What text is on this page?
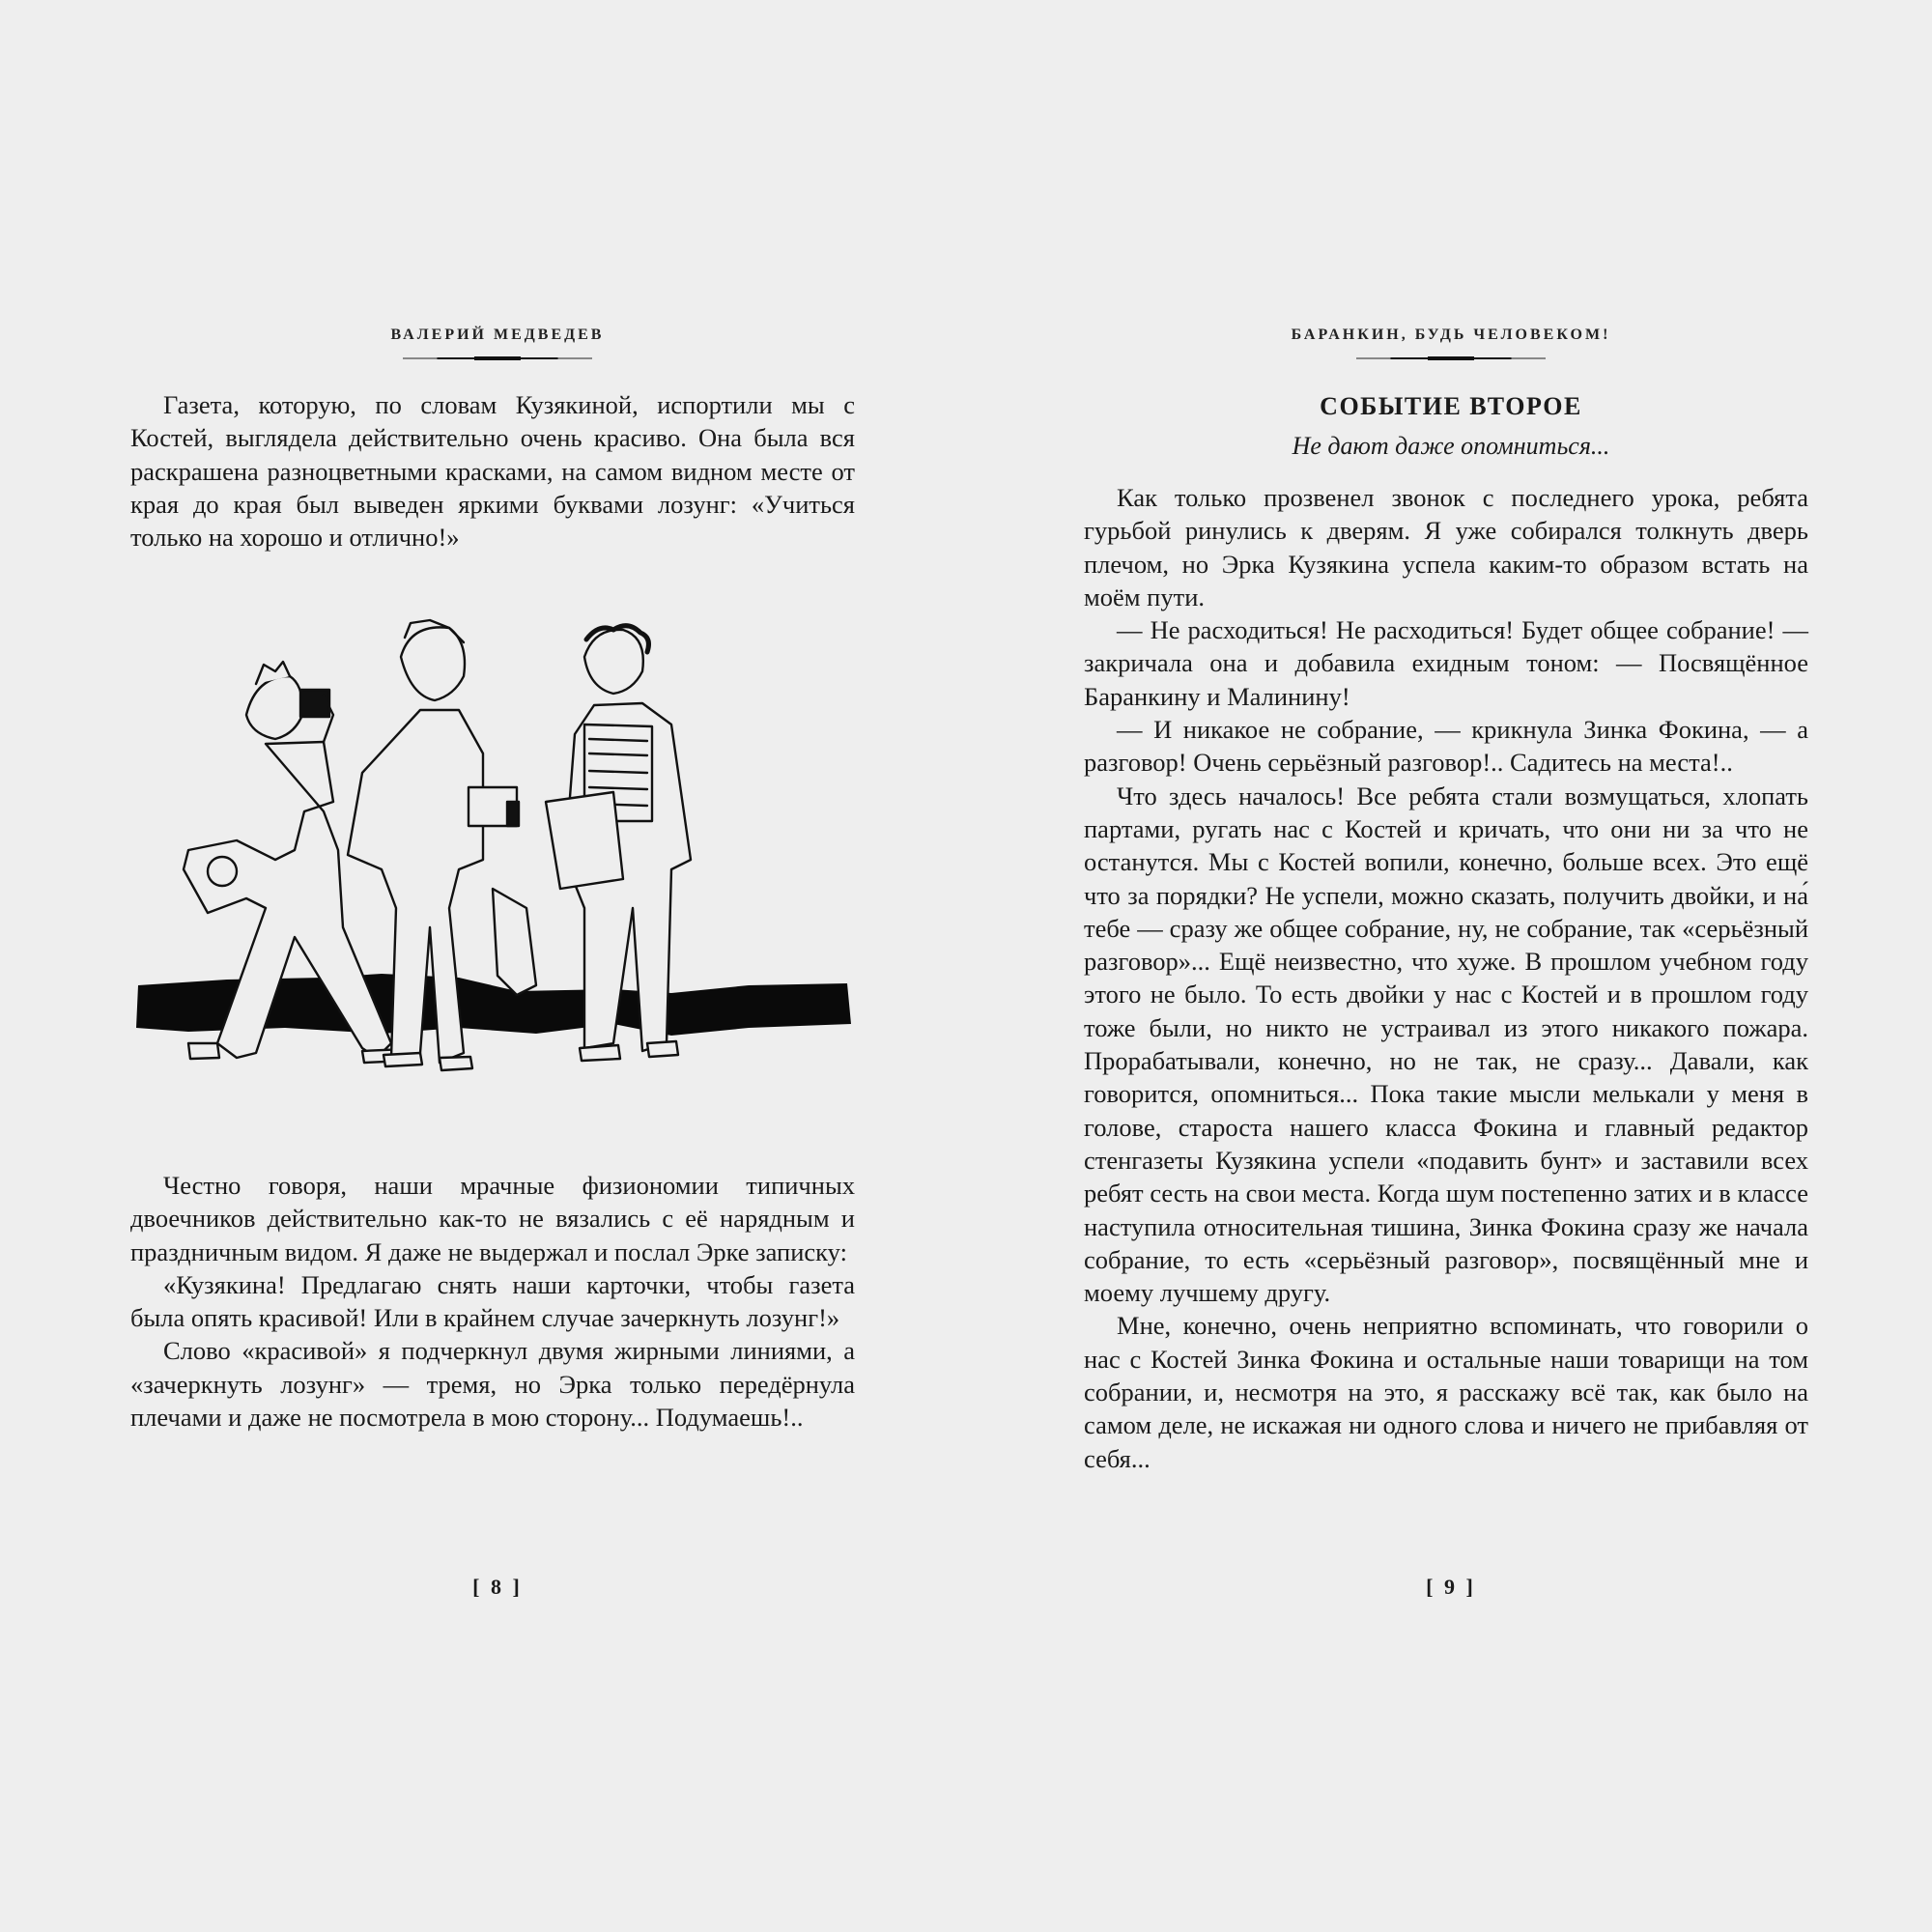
ВАЛЕРИЙ МЕДВЕДЕВ

Газета, которую, по словам Кузякиной, испортили мы с Костей, выглядела действительно очень красиво. Она была вся раскрашена разноцветными красками, на самом видном месте от края до края был выведен яркими буквами лозунг: «Учиться только на хорошо и отлично!»

Честно говоря, наши мрачные физиономии типичных двоечников действительно как-то не вязались с её нарядным и праздничным видом. Я даже не выдержал и послал Эрке записку:

«Кузякина! Предлагаю снять наши карточки, чтобы газета была опять красивой! Или в крайнем случае зачеркнуть лозунг!»

Слово «красивой» я подчеркнул двумя жирными линиями, а «зачеркнуть лозунг» — тремя, но Эрка только передёрнула плечами и даже не посмотрела в мою сторону... Подумаешь!..

[ 8 ]
БАРАНКИН, БУДЬ ЧЕЛОВЕКОМ!
СОБЫТИЕ ВТОРОЕ
Не дают даже опомниться...

Как только прозвенел звонок с последнего урока, ребята гурьбой ринулись к дверям. Я уже собирался толкнуть дверь плечом, но Эрка Кузякина успела каким-то образом встать на моём пути.

— Не расходиться! Не расходиться! Будет общее собрание! — закричала она и добавила ехидным тоном: — Посвящённое Баранкину и Малинину!

— И никакое не собрание, — крикнула Зинка Фокина, — а разговор! Очень серьёзный разговор!.. Садитесь на места!..

Что здесь началось! Все ребята стали возмущаться, хлопать партами, ругать нас с Костей и кричать, что они ни за что не останутся. Мы с Костей вопили, конечно, больше всех. Это ещё что за порядки? Не успели, можно сказать, получить двойки, и на́ тебе — сразу же общее собрание, ну, не собрание, так «серьёзный разговор»... Ещё неизвестно, что хуже. В прошлом учебном году этого не было. То есть двойки у нас с Костей и в прошлом году тоже были, но никто не устраивал из этого никакого пожара. Прорабатывали, конечно, но не так, не сразу... Давали, как говорится, опомниться... Пока такие мысли мелькали у меня в голове, староста нашего класса Фокина и главный редактор стенгазеты Кузякина успели «подавить бунт» и заставили всех ребят сесть на свои места. Когда шум постепенно затих и в классе наступила относительная тишина, Зинка Фокина сразу же начала собрание, то есть «серьёзный разговор», посвящённый мне и моему лучшему другу.

Мне, конечно, очень неприятно вспоминать, что говорили о нас с Костей Зинка Фокина и остальные наши товарищи на том собрании, и, несмотря на это, я расскажу всё так, как было на самом деле, не искажая ни одного слова и ничего не прибавляя от себя...

[ 9 ]
